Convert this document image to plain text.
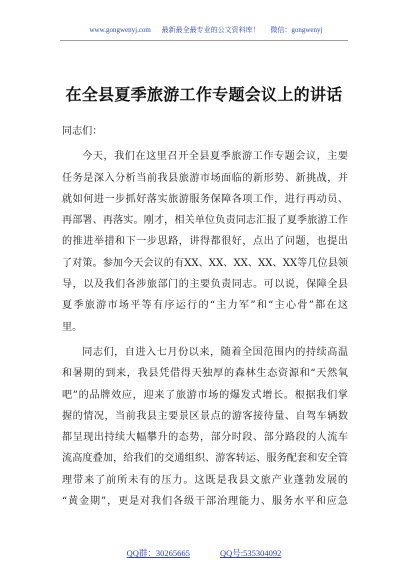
www.gongwenyj.com 最新最全最专业的公文资料库！ 微信：gongwenyj
在全县夏季旅游工作专题会议上的讲话
同志们：
今天，我们在这里召开全县夏季旅游工作专题会议，主要
任务是深入分析当前我县旅游市场面临的新形势、新挑战，并
就如何进一步抓好落实旅游服务保障各项工作，进行再动员、
再部署、再落实。刚才，相关单位负责同志汇报了夏季旅游工作
的推进举措和下一步思路，讲得都很好，点出了问题，也提出
了对策。参加今天会议的有XX、XX、XX、XX、XX等几位县领
导，以及我们各涉旅部门的主要负责同志。可以说，保障全县
夏季旅游市场平等有序运行的“主力军”和“主心骨”都在这
里。
同志们，自进入七月份以来，随着全国范围内的持续高温
和暑期的到来，我县凭借得天独厚的森林生态资源和“天然氧
吧”的品牌效应，迎来了旅游市场的爆发式增长。根据我们掌
握的情况，当前我县主要景区景点的游客接待量、自驾车辆数
都呈现出持续大幅攀升的态势，部分时段、部分路段的人流车
流高度叠加，给我们的交通组织、游客转运、服务配套和安全管
理带来了前所未有的压力。这既是我县文旅产业蓬勃发展的
“黄金期”，更是对我们各级干部治理能力、服务水平和应急
QQ群：30265665	QQ号:535304092
